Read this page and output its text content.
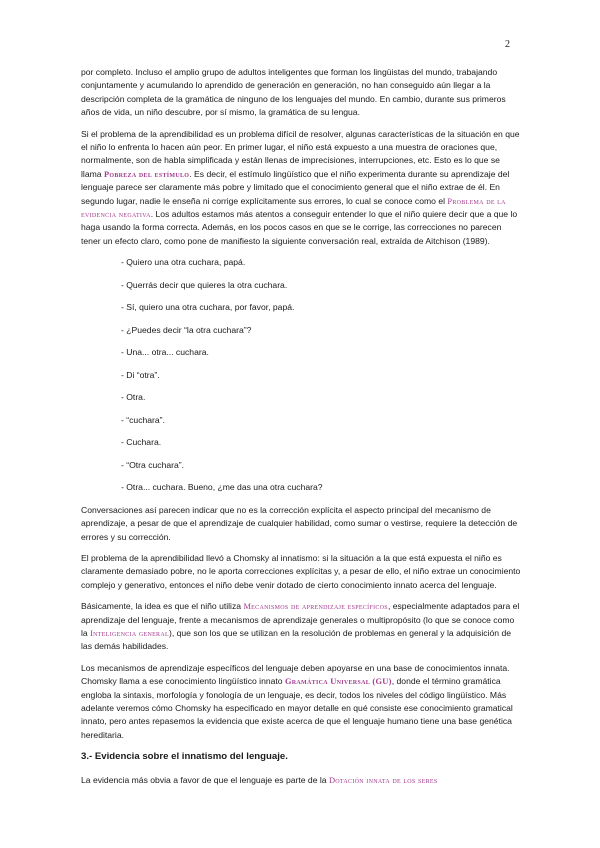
2

por completo. Incluso el amplio grupo de adultos inteligentes que forman los lingüistas del mundo, trabajando conjuntamente y acumulando lo aprendido de generación en generación, no han conseguido aún llegar a la descripción completa de la gramática de ninguno de los lenguajes del mundo. En cambio, durante sus primeros años de vida, un niño descubre, por sí mismo, la gramática de su lengua.

Si el problema de la aprendibilidad es un problema difícil de resolver, algunas características de la situación en que el niño lo enfrenta lo hacen aún peor. En primer lugar, el niño está expuesto a una muestra de oraciones que, normalmente, son de habla simplificada y están llenas de imprecisiones, interrupciones, etc. Esto es lo que se llama Pobreza del estímulo. Es decir, el estímulo lingüístico que el niño experimenta durante su aprendizaje del lenguaje parece ser claramente más pobre y limitado que el conocimiento general que el niño extrae de él. En segundo lugar, nadie le enseña ni corrige explícitamente sus errores, lo cual se conoce como el Problema de la evidencia negativa. Los adultos estamos más atentos a conseguir entender lo que el niño quiere decir que a que lo haga usando la forma correcta. Además, en los pocos casos en que se le corrige, las correcciones no parecen tener un efecto claro, como pone de manifiesto la siguiente conversación real, extraída de Aitchison (1989).

- Quiero una otra cuchara, papá.
- Querrás decir que quieres la otra cuchara.
- Sí, quiero una otra cuchara, por favor, papá.
- ¿Puedes decir “la otra cuchara”?
- Una... otra... cuchara.
- Di “otra”.
- Otra.
- “cuchara”.
- Cuchara.
- “Otra cuchara”.
- Otra... cuchara. Bueno, ¿me das una otra cuchara?

Conversaciones así parecen indicar que no es la corrección explícita el aspecto principal del mecanismo de aprendizaje, a pesar de que el aprendizaje de cualquier habilidad, como sumar o vestirse, requiere la detección de errores y su corrección.

El problema de la aprendibilidad llevó a Chomsky al innatismo: si la situación a la que está expuesta el niño es claramente demasiado pobre, no le aporta correcciones explícitas y, a pesar de ello, el niño extrae un conocimiento complejo y generativo, entonces el niño debe venir dotado de cierto conocimiento innato acerca del lenguaje.

Básicamente, la idea es que el niño utiliza Mecanismos de aprendizaje específicos, especialmente adaptados para el aprendizaje del lenguaje, frente a mecanismos de aprendizaje generales o multipropósito (lo que se conoce como la Inteligencia general), que son los que se utilizan en la resolución de problemas en general y la adquisición de las demás habilidades.

Los mecanismos de aprendizaje específicos del lenguaje deben apoyarse en una base de conocimientos innata. Chomsky llama a ese conocimiento lingüístico innato Gramática Universal (GU), donde el término gramática engloba la sintaxis, morfología y fonología de un lenguaje, es decir, todos los niveles del código lingüístico. Más adelante veremos cómo Chomsky ha especificado en mayor detalle en qué consiste ese conocimiento gramatical innato, pero antes repasemos la evidencia que existe acerca de que el lenguaje humano tiene una base genética hereditaria.

3.- Evidencia sobre el innatismo del lenguaje.

La evidencia más obvia a favor de que el lenguaje es parte de la Dotación innata de los seres
